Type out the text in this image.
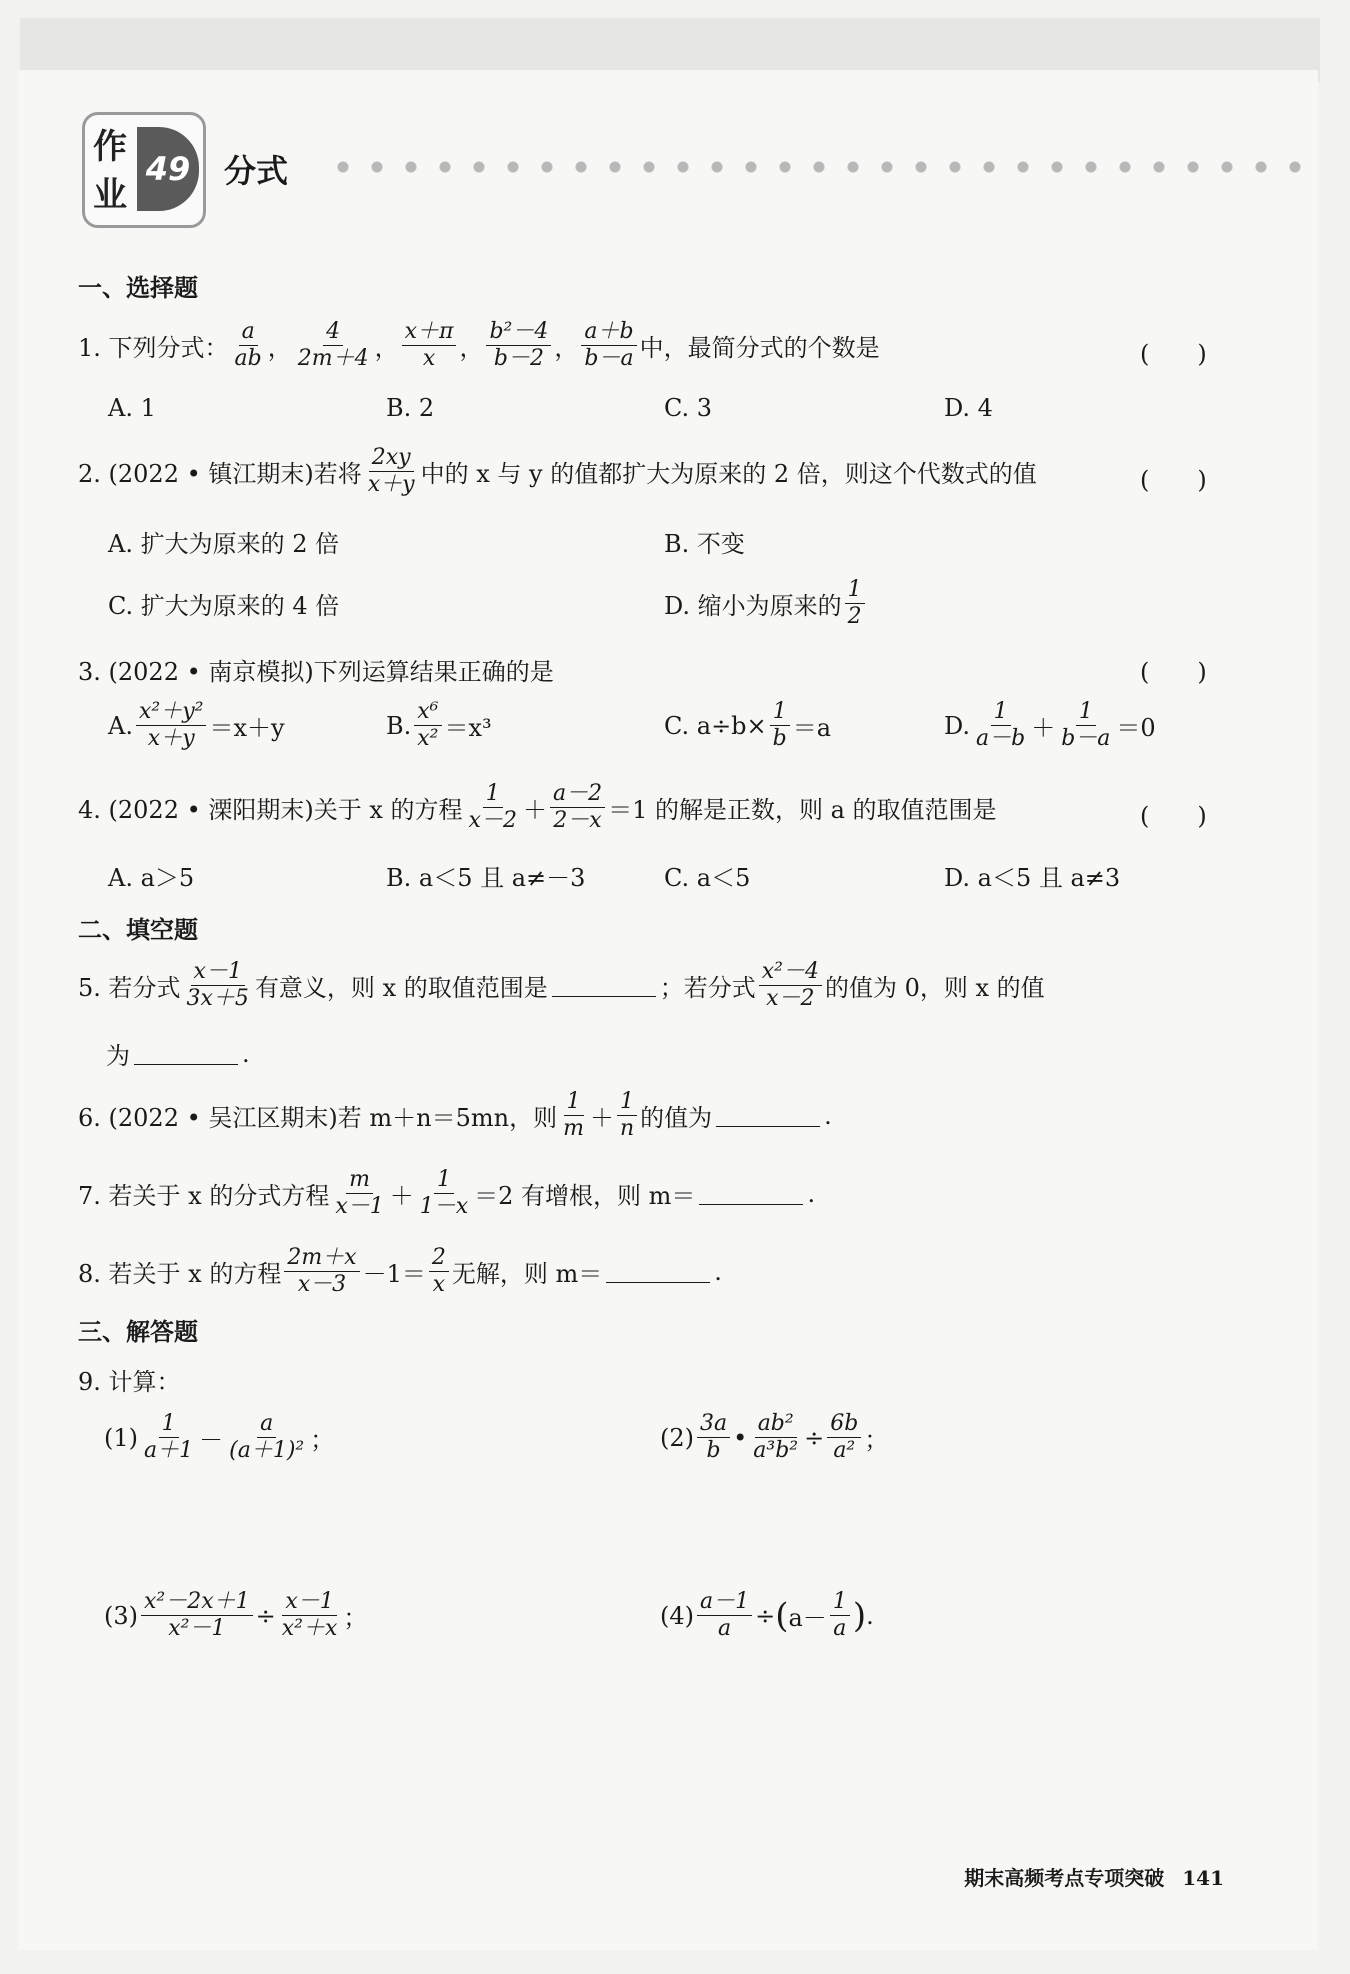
作
业
49 分式
一、选择题
1. 下列分式： $\frac{a}{ab}$ ， $\frac{4}{2m+4}$ ， $\frac{x+\pi}{x}$ ， $\frac{\text{b²－4}}{b-2}$ ， $\frac{a+b}{b-a}$ 中，最简分式的个数是	(　　)
A. 1	B. 2	C. 3	D. 4
2. (2022 • 镇江期末)若将 $\frac{2xy}{x+y}$ 中的 x 与 y 的值都扩大为原来的 2 倍，则这个代数式的值	(　　)
A. 扩大为原来的 2 倍	B. 不变
C. 扩大为原来的 4 倍	D. 缩小为原来的 $\frac{1}{2}$
3. (2022 • 南京模拟)下列运算结果正确的是	(　　)
A. $\frac{\text{x²＋y²}}{x+y} =x+y$	B. $\frac{\text{x⁶}}{\text{x²}} =x^3$	C. $a\div b\times \frac{1}{b} =a$	D. $\frac{1}{a-b} + \frac{1}{b-a} =0$
4. (2022 • 溧阳期末)关于 x 的方程 $\frac{1}{x-2} + \frac{a-2}{2-x} =1$ 的解是正数，则 a 的取值范围是	(　　)
A. a＞5	B. a＜5 且 a≠－3	C. a＜5	D. a＜5 且 a≠3
二、填空题
5. 若分式 $\frac{x-1}{3x+5}$ 有意义，则 x 的取值范围是	；若分式 $\frac{\text{x²－4}}{x-2}$ 的值为 0，则 x 的值
为	.
6. (2022 • 吴江区期末)若 m＋n＝5mn，则 $\frac{1}{m} + \frac{1}{n}$ 的值为	.
7. 若关于 x 的分式方程 $\frac{m}{x-1} + \frac{1}{1-x} =2$ 有增根，则 m＝	.
8. 若关于 x 的方程 $\frac{2m+x}{x-3} -1= \frac{2}{x}$ 无解，则 m＝	.
三、解答题
9. 计算：
$(1) \frac{1}{a+1} - \frac{a}{\text{(a＋1)²}}$ ；	$(2) \frac{3a}{b}$ • $\frac{\text{ab²}}{\text{a³b²}} \div \frac{6b}{\text{a²}}$ ；
$(3) \frac{\text{x²－2x＋1}}{\text{x²－1}} \div \frac{x-1}{\text{x²＋x}}$ ；	$(4) \frac{a-1}{a}$ ÷ ( $a- \frac{1}{a}$ ) .
期末高频考点专项突破 141
